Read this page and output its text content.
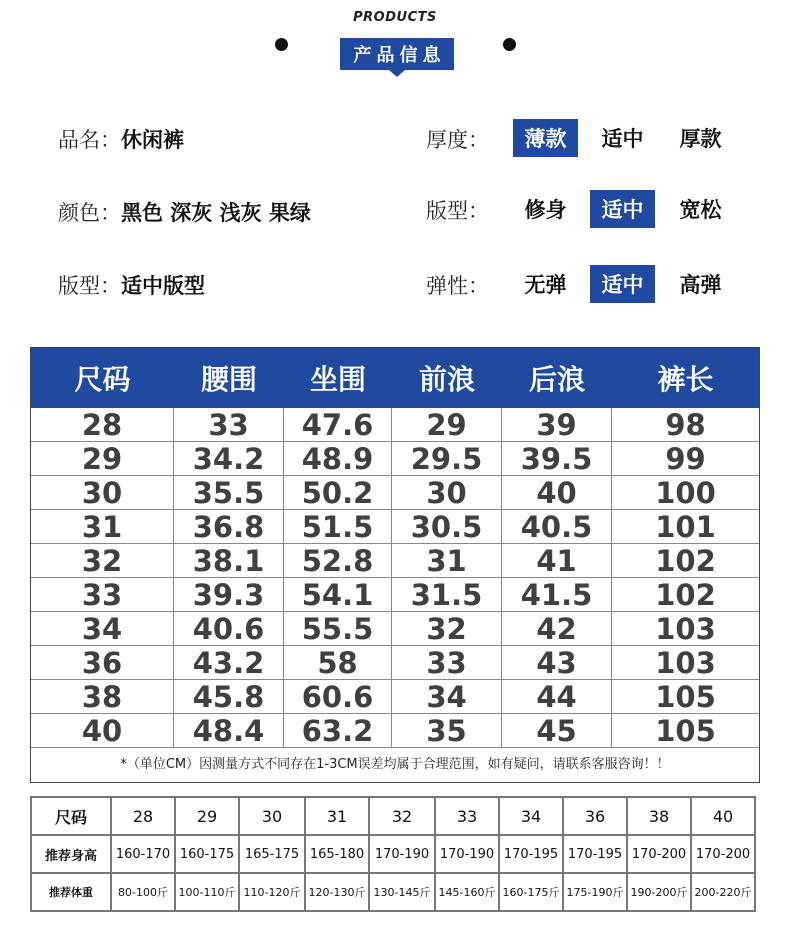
PRODUCTS
产品信息
品名：休闲裤
颜色：黑色 深灰 浅灰 果绿
版型：适中版型
厚度：	薄款	适中	厚款
版型：	修身	适中	宽松
弹性：	无弹	适中	高弹
尺码	腰围	坐围	前浪	后浪	裤长
28	33	47.6	29	39	98
29	34.2	48.9	29.5	39.5	99
30	35.5	50.2	30	40	100
31	36.8	51.5	30.5	40.5	101
32	38.1	52.8	31	41	102
33	39.3	54.1	31.5	41.5	102
34	40.6	55.5	32	42	103
36	43.2	58	33	43	103
38	45.8	60.6	34	44	105
40	48.4	63.2	35	45	105
*（单位CM）因测量方式不同存在1-3CM误差均属于合理范围，如有疑问，请联系客服咨询！！
尺码	28	29	30	31	32	33	34	36	38	40
推荐身高	160-170	160-175	165-175	165-180	170-190	170-190	170-195	170-195	170-200	170-200
推荐体重	80-100斤	100-110斤	110-120斤	120-130斤	130-145斤	145-160斤	160-175斤	175-190斤	190-200斤	200-220斤
